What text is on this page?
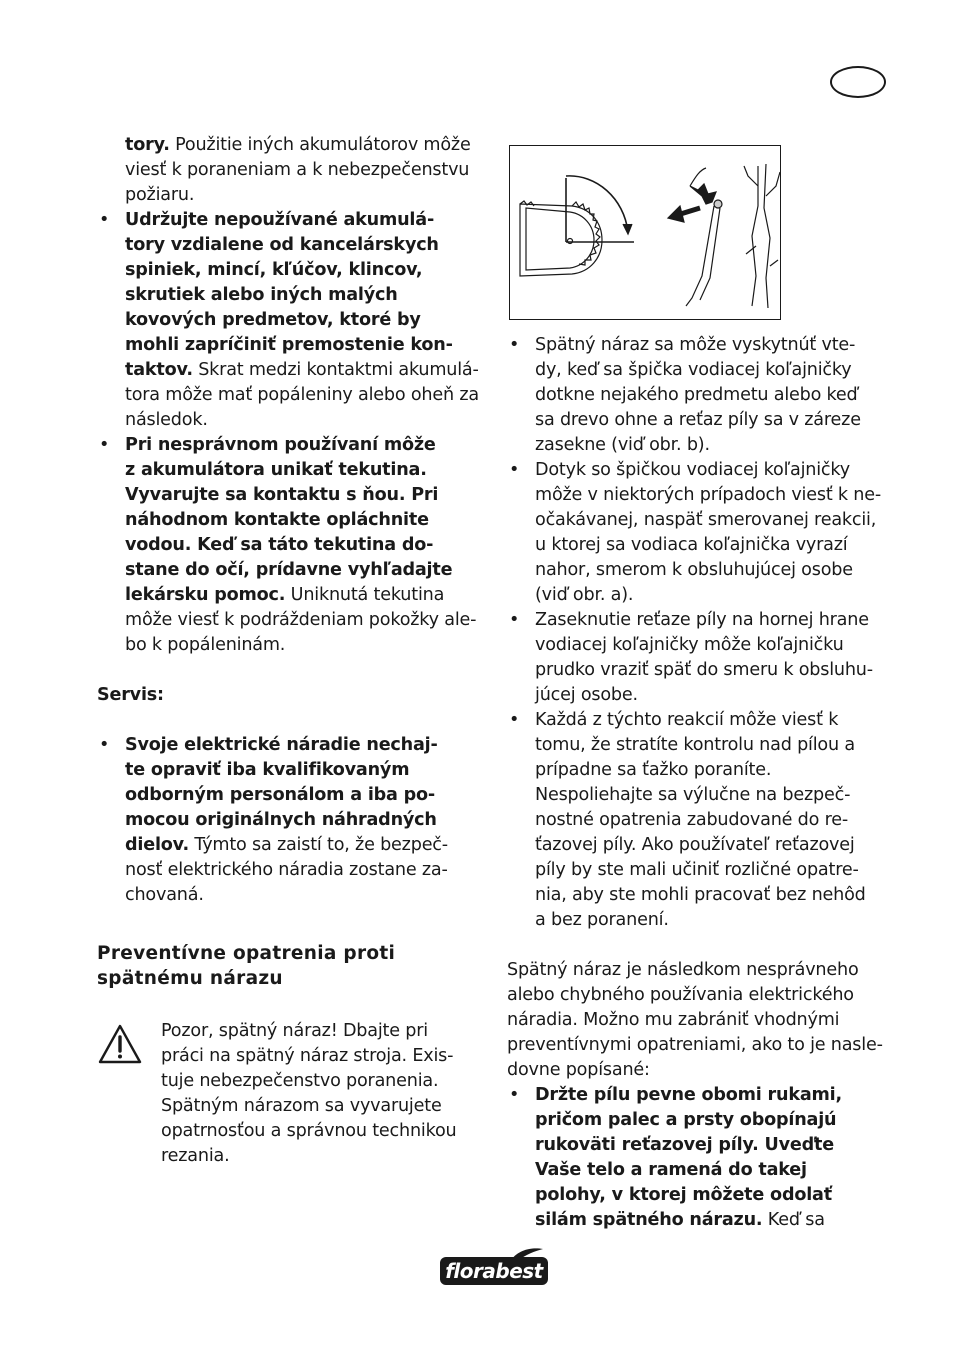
tory. Použitie iných akumulátorov môže

viesť k poraneniam a k nebezpečenstvu

požiaru.

• Udržujte nepoužívané akumulá-

tory vzdialene od kancelárskych

spiniek, mincí, kľúčov, klincov,

skrutiek alebo iných malých

kovových predmetov, ktoré by

mohli zapríčiniť premostenie kon-

taktov. Skrat medzi kontaktmi akumulá-

tora môže mať popáleniny alebo oheň za

následok.

• Pri nesprávnom používaní môže

z akumulátora unikať tekutina.

Vyvarujte sa kontaktu s ňou. Pri

náhodnom kontakte opláchnite

vodou. Keď sa táto tekutina do-

stane do očí, prídavne vyhľadajte

lekársku pomoc. Uniknutá tekutina

môže viesť k podráždeniam pokožky ale-

bo k popáleninám.

Servis:

• Svoje elektrické náradie nechaj-

te opraviť iba kvalifikovaným

odborným personálom a iba po-

mocou originálnych náhradných

dielov. Týmto sa zaistí to, že bezpeč-

nosť elektrického náradia zostane za-

chovaná.

Preventívne opatrenia proti

spätnému nárazu

Pozor, spätný náraz! Dbajte pri

práci na spätný náraz stroja. Exis-

tuje nebezpečenstvo poranenia.

Spätným nárazom sa vyvarujete

opatrnosťou a správnou technikou

rezania.

• Spätný náraz sa môže vyskytnúť vte-

dy, keď sa špička vodiacej koľajničky

dotkne nejakého predmetu alebo keď

sa drevo ohne a reťaz píly sa v záreze

zasekne (viď obr. b).

• Dotyk so špičkou vodiacej koľajničky

môže v niektorých prípadoch viesť k ne-

očakávanej, naspäť smerovanej reakcii,

u ktorej sa vodiaca koľajnička vyrazí

nahor, smerom k obsluhujúcej osobe

(viď obr. a).

• Zaseknutie reťaze píly na hornej hrane

vodiacej koľajničky môže koľajničku

prudko vraziť späť do smeru k obsluhu-

júcej osobe.

• Každá z týchto reakcií môže viesť k

tomu, že stratíte kontrolu nad pílou a

prípadne sa ťažko poraníte.

Nespoliehajte sa výlučne na bezpeč-

nostné opatrenia zabudované do re-

ťazovej píly. Ako používateľ reťazovej

píly by ste mali učiniť rozličné opatre-

nia, aby ste mohli pracovať bez nehôd

a bez poranení.

Spätný náraz je následkom nesprávneho

alebo chybného používania elektrického

náradia. Možno mu zabrániť vhodnými

preventívnymi opatreniami, ako to je nasle-

dovne popísané:

• Držte pílu pevne obomi rukami,

pričom palec a prsty obopínajú

rukoväti reťazovej píly. Uveďte

Vaše telo a ramená do takej

polohy, v ktorej môžete odolať

silám spätného nárazu. Keď sa

florabest
